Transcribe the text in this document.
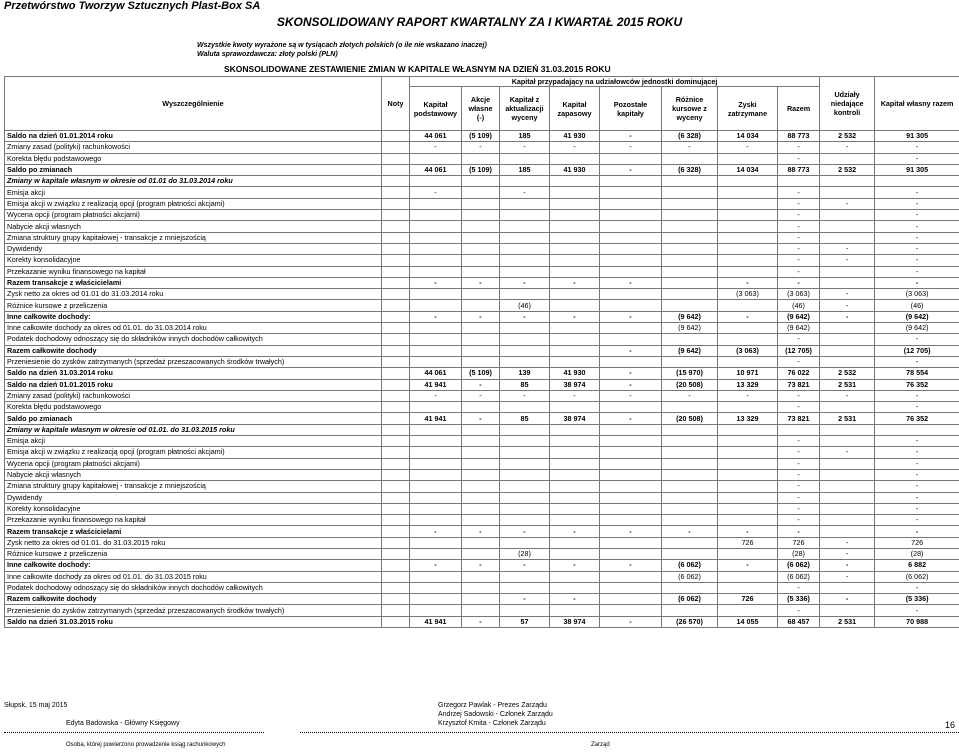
Przetwórstwo Tworzyw Sztucznych Plast-Box SA
SKONSOLIDOWANY RAPORT KWARTALNY ZA I KWARTAŁ 2015 ROKU
Wszystkie kwoty wyrażone są w tysiącach złotych polskich (o ile nie wskazano inaczej)
Waluta sprawozdawcza: złoty polski (PLN)
SKONSOLIDOWANE ZESTAWIENIE ZMIAN W KAPITALE WŁASNYM NA DZIEŃ 31.03.2015 ROKU
Wyszczególnienie	Noty	Kapitał przypadający na udziałowców jednostki dominującej								Udziały niedające kontroli	Kapitał własny razem
		Kapitał podstawowy	Akcje własne (-)	Kapitał z aktualizacji wyceny	Kapitał zapasowy	Pozostałe kapitały	Różnice kursowe z wyceny	Zyski zatrzymane	Razem		
Saldo na dzień 01.01.2014 roku		44 061	(5 109)	185	41 930	-	(6 328)	14 034	88 773	2 532	91 305
Zmiany zasad (polityki) rachunkowości		-	-	-	-	-	-	-	-	-	-
Korekta błędu podstawowego									-		-
Saldo po zmianach		44 061	(5 109)	185	41 930	-	(6 328)	14 034	88 773	2 532	91 305
Zmiany w kapitale własnym w okresie od 01.01 do 31.03.2014 roku											
Emisja akcji		-		-					-		-
Emisja akcji w związku z realizacją opcji (program płatności akcjami)									-	-	-
Wycena opcji (program płatności akcjami)									-		-
Nabycie akcji własnych									-		-
Zmiana struktury grupy kapitałowej - transakcje z mniejszością									-		-
Dywidendy									-	-	-
Korekty konsolidacyjne									-	-	-
Przekazanie wyniku finansowego na kapitał									-		-
Razem transakcje z właścicielami		-	-	-	-	-		-	-		-
Zysk netto za okres od 01.01 do 31.03.2014 roku								(3 063)	(3 063)	-	(3 063)
Różnice kursowe z przeliczenia				(46)					(46)	-	(46)
Inne całkowite dochody:		-	-	-	-	-	(9 642)	-	(9 642)	-	(9 642)
Inne całkowite dochody za okres od 01.01. do 31.03.2014 roku							(9 642)		(9 642)		(9 642)
Podatek dochodowy odnoszący się do składników innych dochodów całkowitych									-		-
Razem całkowite dochody						-	(9 642)	(3 063)	(12 705)		(12 705)
Przeniesienie do zysków zatrzymanych (sprzedaż przeszacowanych środków trwałych)									-		-
Saldo na dzień 31.03.2014 roku		44 061	(5 109)	139	41 930	-	(15 970)	10 971	76 022	2 532	78 554
Saldo na dzień 01.01.2015 roku		41 941	-	85	38 974	-	(20 508)	13 329	73 821	2 531	76 352
Zmiany zasad (polityki) rachunkowości		-	-	-	-	-	-	-	-	-	-
Korekta błędu podstawowego									-		-
Saldo po zmianach		41 941	-	85	38 974	-	(20 508)	13 329	73 821	2 531	76 352
Zmiany w kapitale własnym w okresie od 01.01. do 31.03.2015 roku											
Emisja akcji									-		-
Emisja akcji w związku z realizacją opcji (program płatności akcjami)									-	-	-
Wycena opcji (program płatności akcjami)									-		-
Nabycie akcji własnych									-		-
Zmiana struktury grupy kapitałowej - transakcje z mniejszością									-		-
Dywidendy									-		-
Korekty konsolidacyjne									-		-
Przekazanie wyniku finansowego na kapitał									-		-
Razem transakcje z właścicielami		-	-	-	-	-	-	-	-		-
Zysk netto za okres od 01.01. do 31.03.2015 roku								726	726	-	726
Różnice kursowe z przeliczenia				(28)					(28)	-	(28)
Inne całkowite dochody:		-	-	-	-	-	(6 062)	-	(6 062)	-	6 882
Inne całkowite dochody za okres od 01.01. do 31.03.2015 roku							(6 062)		(6 062)	-	(6 062)
Podatek dochodowy odnoszący się do składników innych dochodów całkowitych									-		-
Razem całkowite dochody				-	-		(6 062)	726	(5 336)	-	(5 336)
Przeniesienie do zysków zatrzymanych (sprzedaż przeszacowanych środków trwałych)									-		-
Saldo na dzień 31.03.2015 roku		41 941	-	57	38 974	-	(26 570)	14 055	68 457	2 531	70 988
Słupsk, 15 maj 2015
Edyta Badowska - Główny Księgowy
Grzegorz Pawlak - Prezes Zarządu
Andrzej Sadowski - Członek Zarządu
Krzysztof Kmita - Członek Zarządu
Osoba, której powierzono prowadzenie ksiąg rachunkowych	Zarząd
16
